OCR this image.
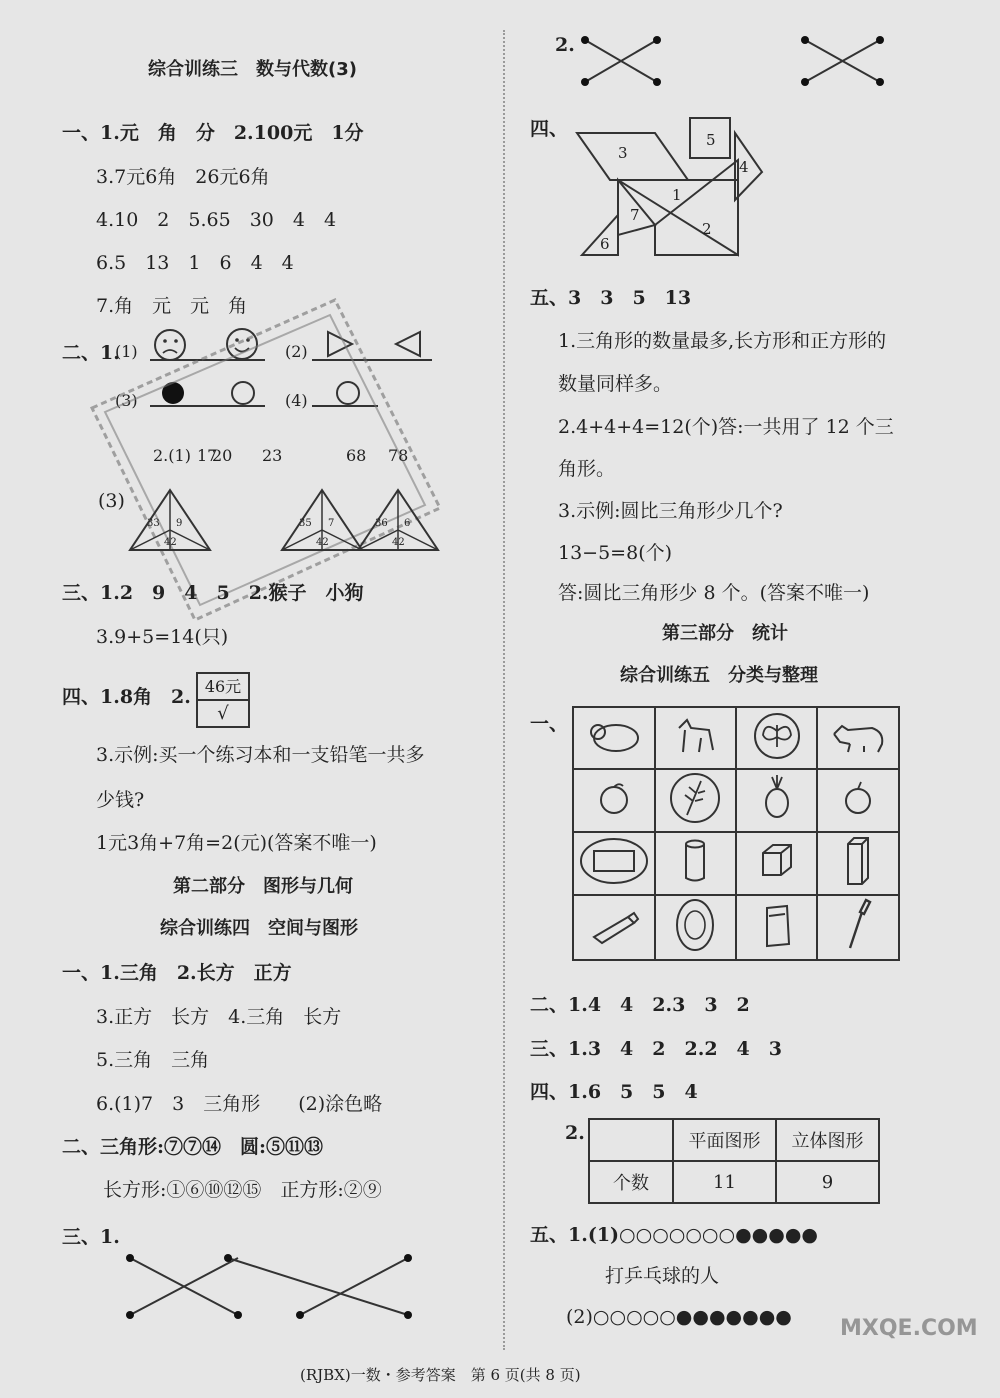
综合训练三　数与代数(3)
一、1.元　角　分　2.100元　1分
3.7元6角　26元6角
4.10　2　5.65　30　4　4
6.5　13　1　6　4　4
7.角　元　元　角
二、1.
(1)	(2)
(3)	(4)
2.(1) 17
20 23	68 78
(3)
33 9
42
35 7
42
36 6
42
三、1.2　9　4　5　2.猴子　小狗
3.9+5=14(只)
四、1.8角　2. 46元
√
3.示例:买一个练习本和一支铅笔一共多
少钱?
1元3角+7角=2(元)(答案不唯一)
第二部分　图形与几何
综合训练四　空间与图形
一、1.三角　2.长方　正方
3.正方　长方　4.三角　长方
5.三角　三角
6.(1)7　3　三角形　　(2)涂色略
二、三角形:⑦⑦⑭　圆:⑤⑪⑬
长方形:①⑥⑩⑫⑮　正方形:②⑨
三、1.
2.
四、
3
5
4
1
7
2
6
五、3　3　5　13
1.三角形的数量最多,长方形和正方形的
数量同样多。
2.4+4+4=12(个)答:一共用了 12 个三
角形。
3.示例:圆比三角形少几个?
13−5=8(个)
答:圆比三角形少 8 个。(答案不唯一)
第三部分　统计
综合训练五　分类与整理
一、

二、1.4　4　2.3　3　2
三、1.3　4　2　2.2　4　3
四、1.6　5　5　4
2.
		平面图形	立体图形
个数	11	9
五、1.(1)○○○○○○○●●●●●
打乒乓球的人
(2)○○○○○●●●●●●● MXQE.COM
(RJBX)一数・参考答案　第 6 页(共 8 页)
